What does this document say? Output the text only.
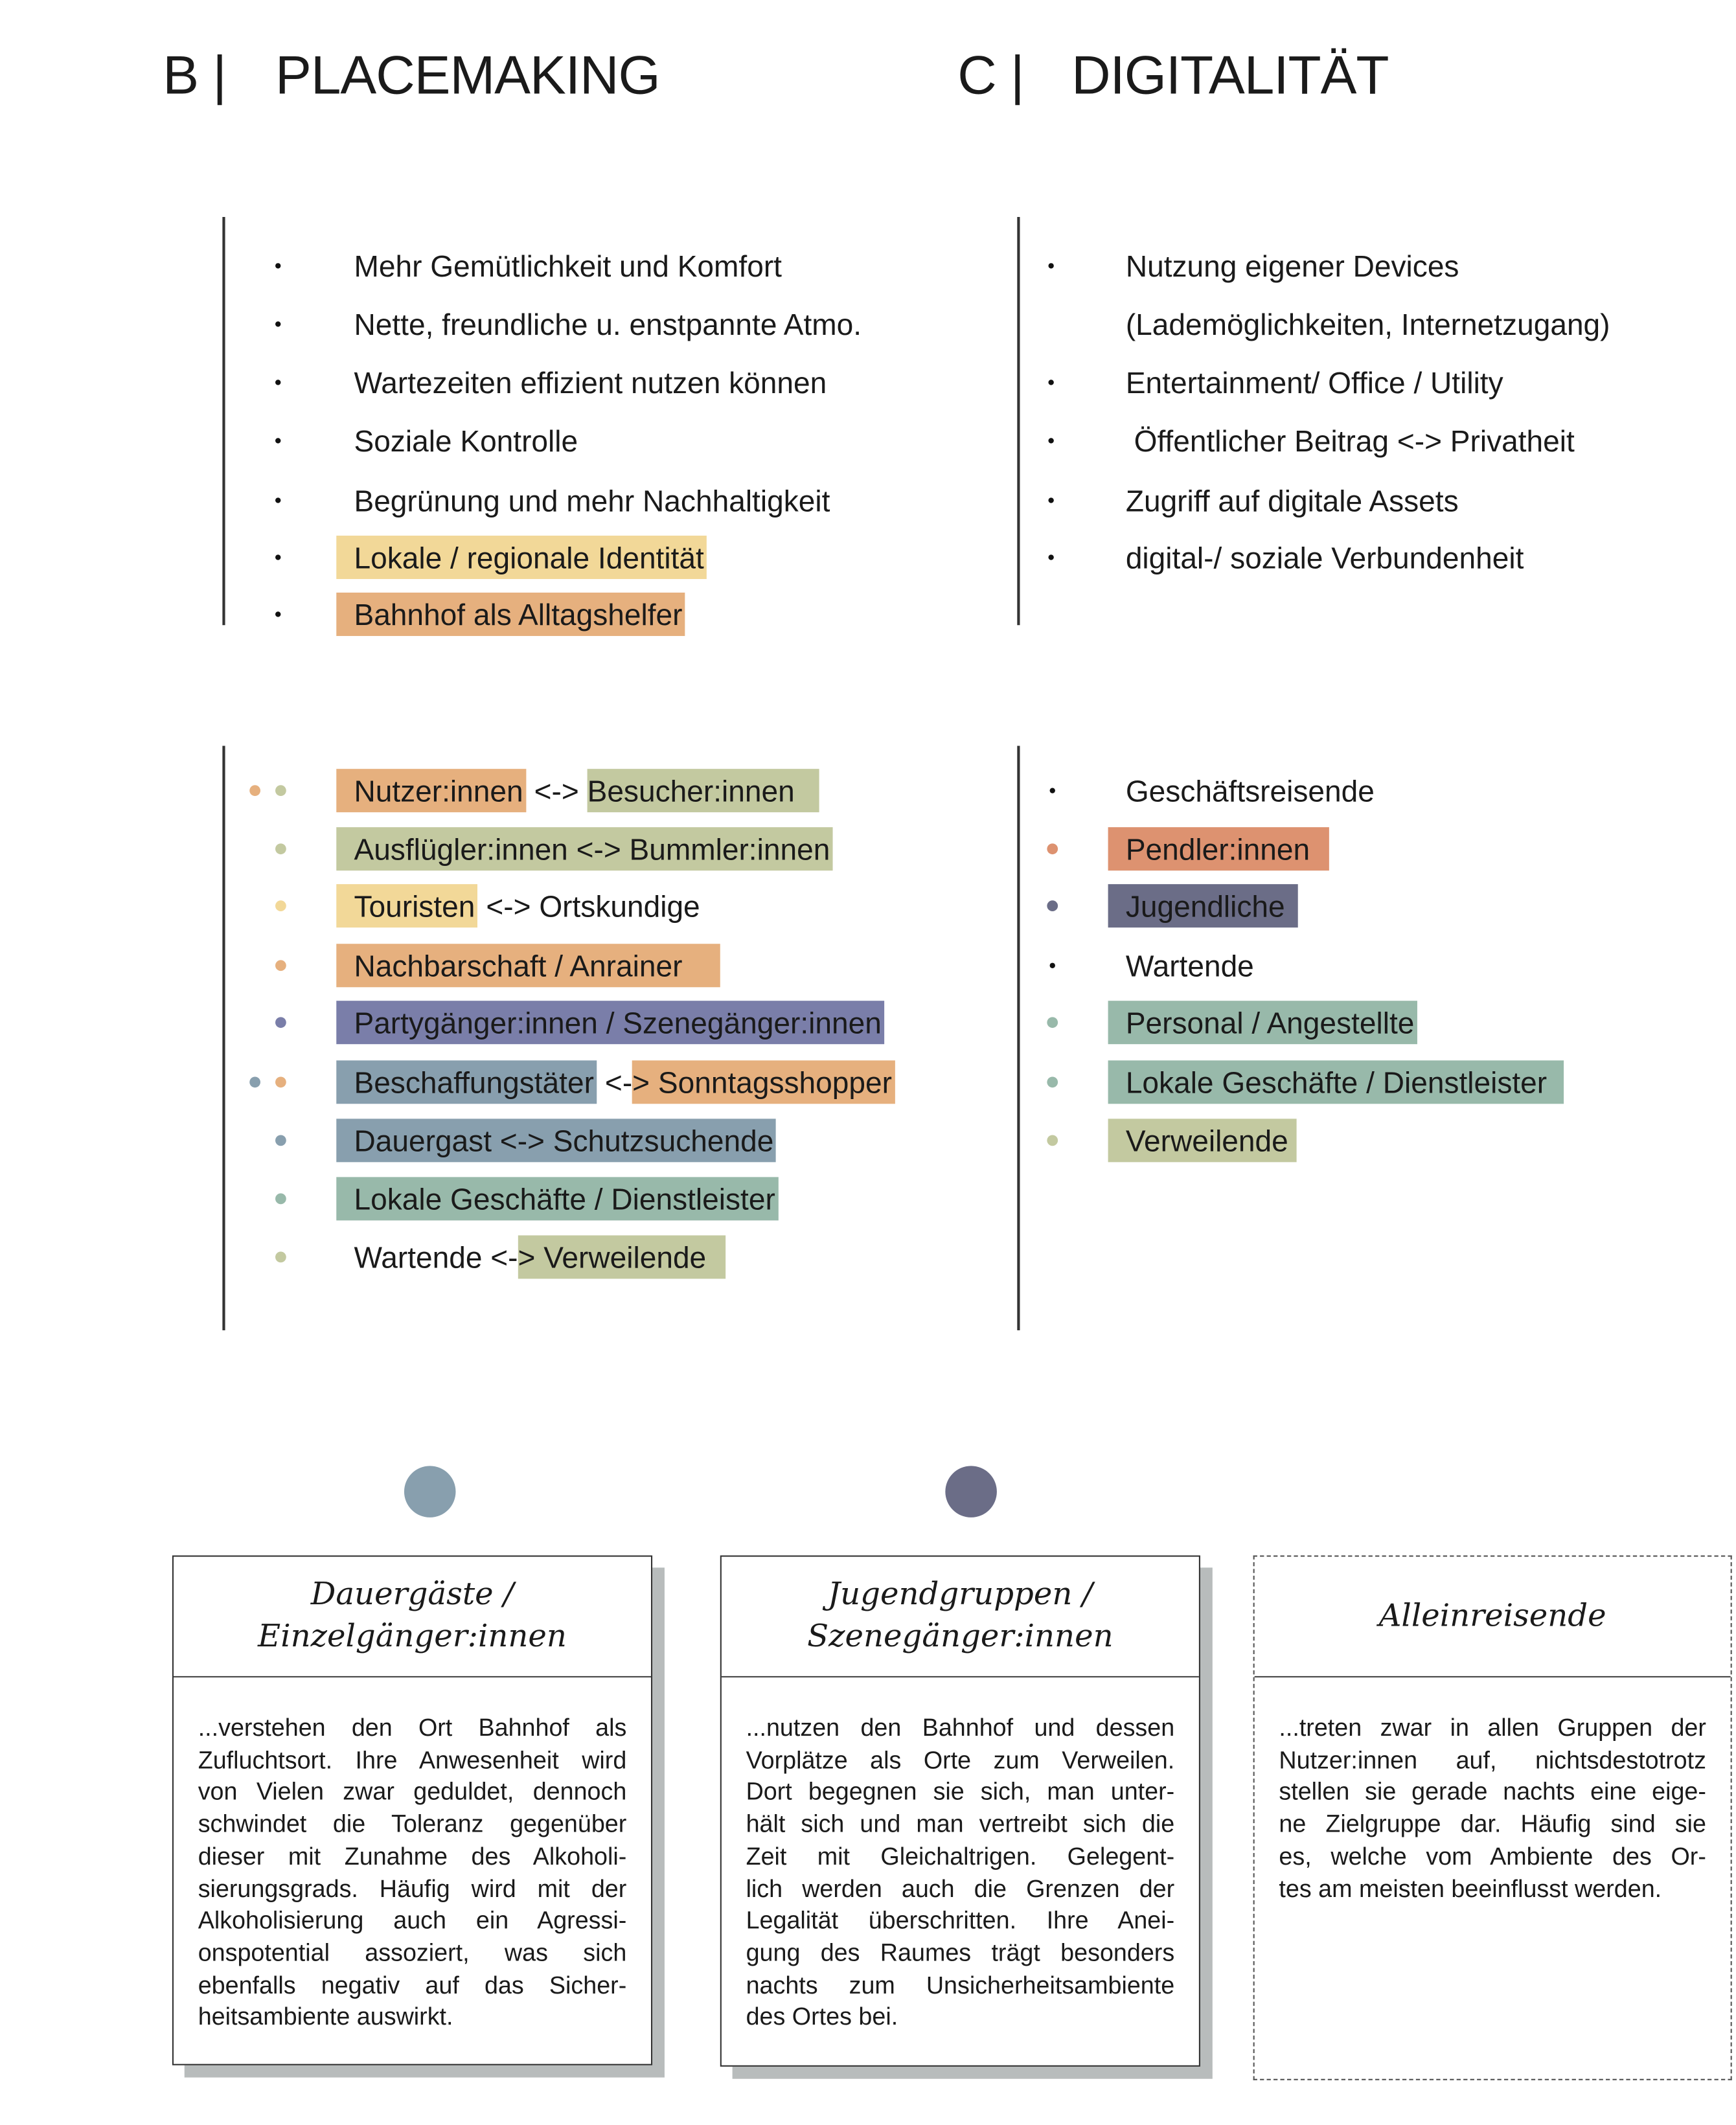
B | PLACEMAKING	C | DIGITALITÄT
Mehr Gemütlichkeit und Komfort
Nette, freundliche u. enstpannte Atmo.
Wartezeiten effizient nutzen können
Soziale Kontrolle
Begrünung und mehr Nachhaltigkeit
Lokale / regionale Identität
Bahnhof als Alltagshelfer
Nutzung eigener Devices
(Lademöglichkeiten, Internetzugang)
Entertainment/ Office / Utility
Öffentlicher Beitrag <-> Privatheit
Zugriff auf digitale Assets
digital-/ soziale Verbundenheit
Nutzer:innen <-> Besucher:innen
Ausflügler:innen <-> Bummler:innen
Touristen <-> Ortskundige
Nachbarschaft / Anrainer
Partygänger:innen / Szenegänger:innen
Beschaffungstäter <- > Sonntagsshopper
Dauergast <-> Schutzsuchende
Lokale Geschäfte / Dienstleister
Wartende <- > Verweilende
Geschäftsreisende
Pendler:innen
Jugendliche
Wartende
Personal / Angestellte
Lokale Geschäfte / Dienstleister
Verweilende
Dauergäste /
Einzelgänger:innen
...verstehen den Ort Bahnhof als
Zufluchtsort. Ihre Anwesenheit wird
von Vielen zwar geduldet, dennoch
schwindet die Toleranz gegenüber
dieser mit Zunahme des Alkoholi-
sierungsgrads. Häufig wird mit der
Alkoholisierung auch ein Agressi-
onspotential assoziert, was sich
ebenfalls negativ auf das Sicher-
heitsambiente auswirkt.
Jugendgruppen /
Szenegänger:innen
...nutzen den Bahnhof und dessen
Vorplätze als Orte zum Verweilen.
Dort begegnen sie sich, man unter-
hält sich und man vertreibt sich die
Zeit mit Gleichaltrigen. Gelegent-
lich werden auch die Grenzen der
Legalität überschritten. Ihre Anei-
gung des Raumes trägt besonders
nachts zum Unsicherheitsambiente
des Ortes bei.
Alleinreisende
...treten zwar in allen Gruppen der
Nutzer:innen auf, nichtsdestotrotz
stellen sie gerade nachts eine eige-
ne Zielgruppe dar. Häufig sind sie
es, welche vom Ambiente des Or-
tes am meisten beeinflusst werden.
